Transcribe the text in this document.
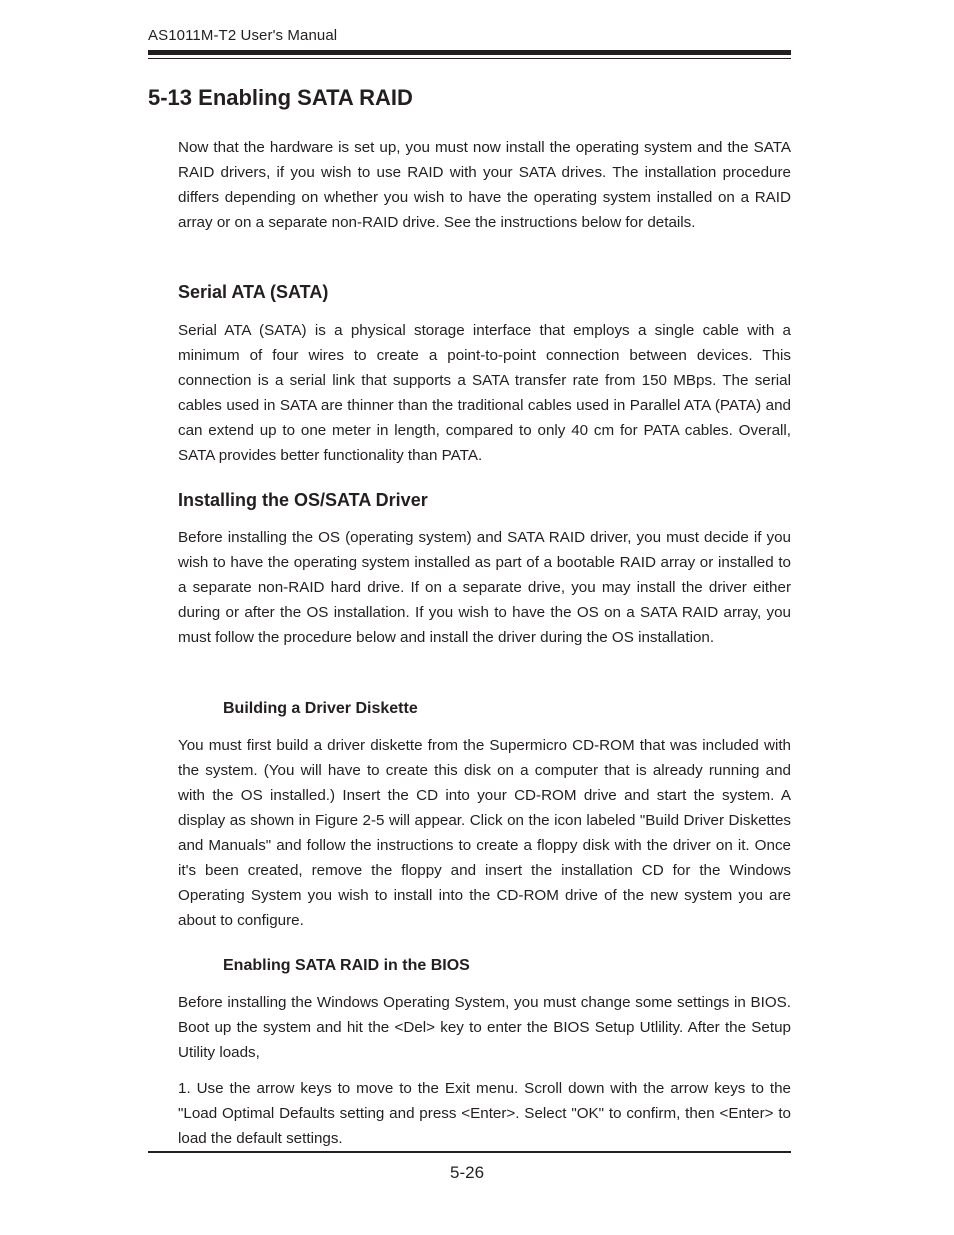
AS1011M-T2 User's Manual
5-13 Enabling SATA RAID

Now that the hardware is set up, you must now install the operating system and the SATA RAID drivers, if you wish to use RAID with your SATA drives. The installation procedure differs depending on whether you wish to have the operating system installed on a RAID array or on a separate non-RAID drive. See the instructions below for details.

Serial ATA (SATA)

Serial ATA (SATA) is a physical storage interface that employs a single cable with a minimum of four wires to create a point-to-point connection between devices. This connection is a serial link that supports a SATA transfer rate from 150 MBps. The serial cables used in SATA are thinner than the traditional cables used in Parallel ATA (PATA) and can extend up to one meter in length, compared to only 40 cm for PATA cables. Overall, SATA provides better functionality than PATA.

Installing the OS/SATA Driver

Before installing the OS (operating system) and SATA RAID driver, you must decide if you wish to have the operating system installed as part of a bootable RAID array or installed to a separate non-RAID hard drive. If on a separate drive, you may install the driver either during or after the OS installation. If you wish to have the OS on a SATA RAID array, you must follow the procedure below and install the driver during the OS installation.

Building a Driver Diskette

You must first build a driver diskette from the Supermicro CD-ROM that was included with the system. (You will have to create this disk on a computer that is already running and with the OS installed.) Insert the CD into your CD-ROM drive and start the system. A display as shown in Figure 2-5 will appear. Click on the icon labeled "Build Driver Diskettes and Manuals" and follow the instructions to create a floppy disk with the driver on it. Once it's been created, remove the floppy and insert the installation CD for the Windows Operating System you wish to install into the CD-ROM drive of the new system you are about to configure.

Enabling SATA RAID in the BIOS

Before installing the Windows Operating System, you must change some settings in BIOS. Boot up the system and hit the <Del> key to enter the BIOS Setup Utlility. After the Setup Utility loads,

1. Use the arrow keys to move to the Exit menu. Scroll down with the arrow keys to the "Load Optimal Defaults setting and press <Enter>. Select "OK" to confirm, then <Enter> to load the default settings.

5-26
